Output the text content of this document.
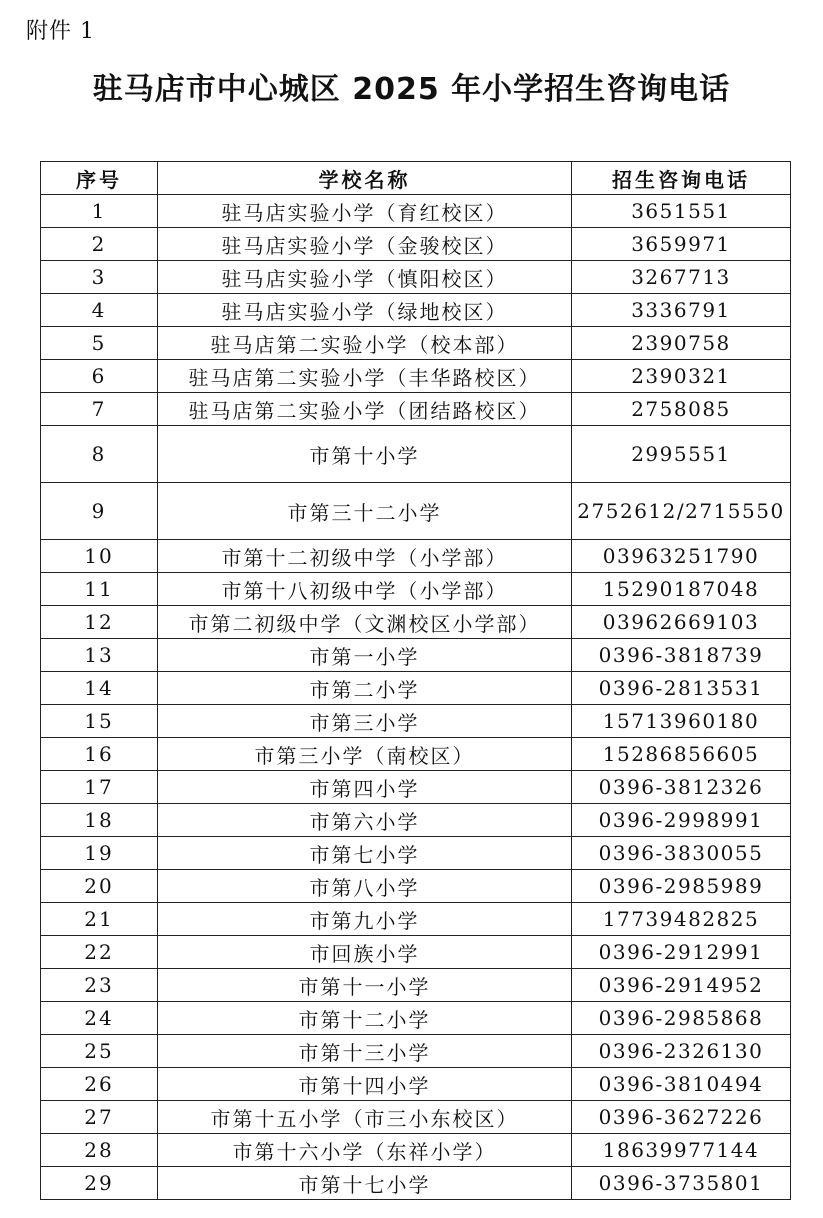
附件 1
驻马店市中心城区 2025 年小学招生咨询电话
序号	学校名称	招生咨询电话
1	驻马店实验小学（育红校区）	3651551
2	驻马店实验小学（金骏校区）	3659971
3	驻马店实验小学（慎阳校区）	3267713
4	驻马店实验小学（绿地校区）	3336791
5	驻马店第二实验小学（校本部）	2390758
6	驻马店第二实验小学（丰华路校区）	2390321
7	驻马店第二实验小学（团结路校区）	2758085
8	市第十小学	2995551
9	市第三十二小学	2752612/2715550
10	市第十二初级中学（小学部）	03963251790
11	市第十八初级中学（小学部）	15290187048
12	市第二初级中学（文渊校区小学部）	03962669103
13	市第一小学	0396-3818739
14	市第二小学	0396-2813531
15	市第三小学	15713960180
16	市第三小学（南校区）	15286856605
17	市第四小学	0396-3812326
18	市第六小学	0396-2998991
19	市第七小学	0396-3830055
20	市第八小学	0396-2985989
21	市第九小学	17739482825
22	市回族小学	0396-2912991
23	市第十一小学	0396-2914952
24	市第十二小学	0396-2985868
25	市第十三小学	0396-2326130
26	市第十四小学	0396-3810494
27	市第十五小学（市三小东校区）	0396-3627226
28	市第十六小学（东祥小学）	18639977144
29	市第十七小学	0396-3735801
